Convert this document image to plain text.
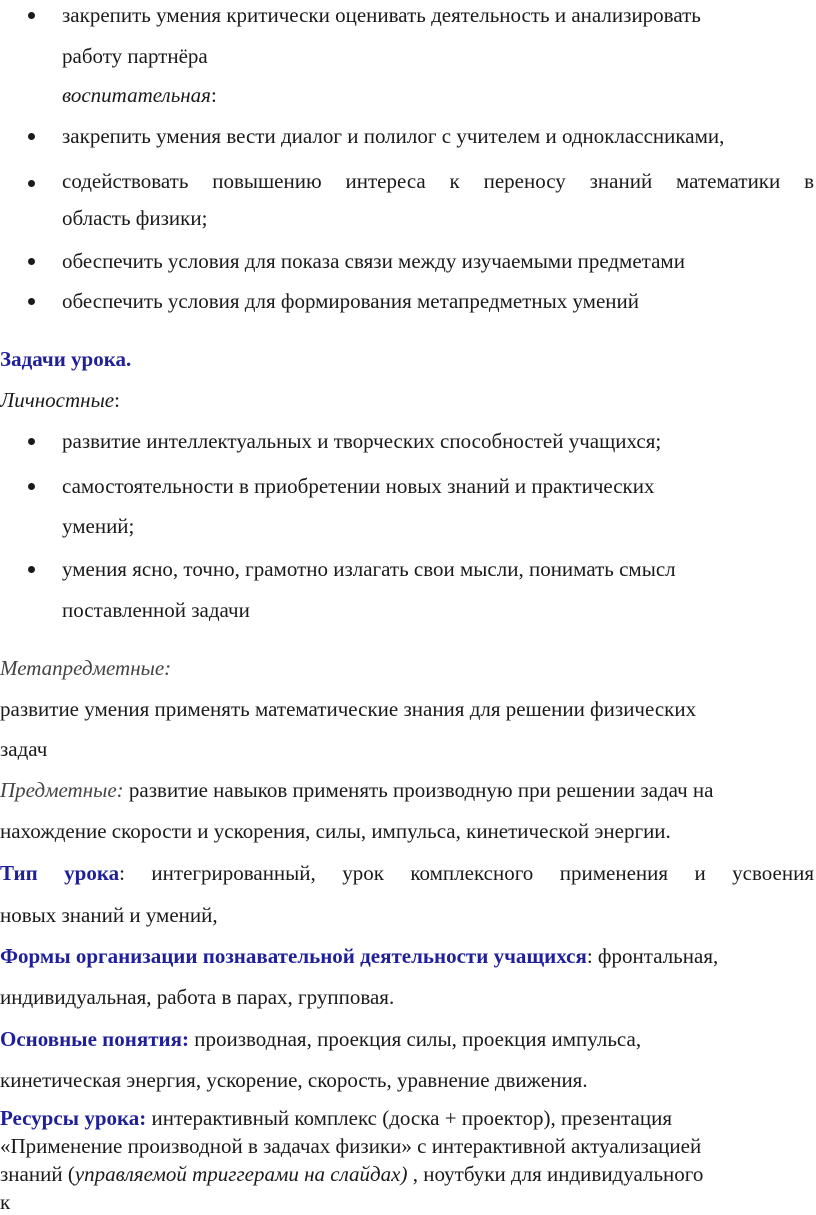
закрепить умения критически оценивать деятельность и анализировать
работу партнёра
воспитательная:
закрепить умения вести диалог и полилог с учителем и одноклассниками,
содействовать повышению интереса к переносу знаний математики в
область физики;
обеспечить условия для показа связи между изучаемыми предметами
обеспечить условия для формирования метапредметных умений
Задачи урока.
Личностные:
развитие интеллектуальных и творческих способностей учащихся;
самостоятельности в приобретении новых знаний и практических
умений;
умения ясно, точно, грамотно излагать свои мысли, понимать смысл
поставленной задачи
Метапредметные:
развитие умения применять математические знания для решении физических
задач
Предметные: развитие навыков применять производную при решении задач на
нахождение скорости и ускорения, силы, импульса, кинетической энергии.
Тип урока: интегрированный, урок комплексного применения и усвоения
новых знаний и умений,
Формы организации познавательной деятельности учащихся: фронтальная,
индивидуальная, работа в парах, групповая.
Основные понятия: производная, проекция силы, проекция импульса,
кинетическая энергия, ускорение, скорость, уравнение движения.
Ресурсы урока: интерактивный комплекс (доска + проектор), презентация
«Применение производной в задачах физики» с интерактивной актуализацией
знаний (управляемой триггерами на слайдах) , ноутбуки для индивидуального
к
